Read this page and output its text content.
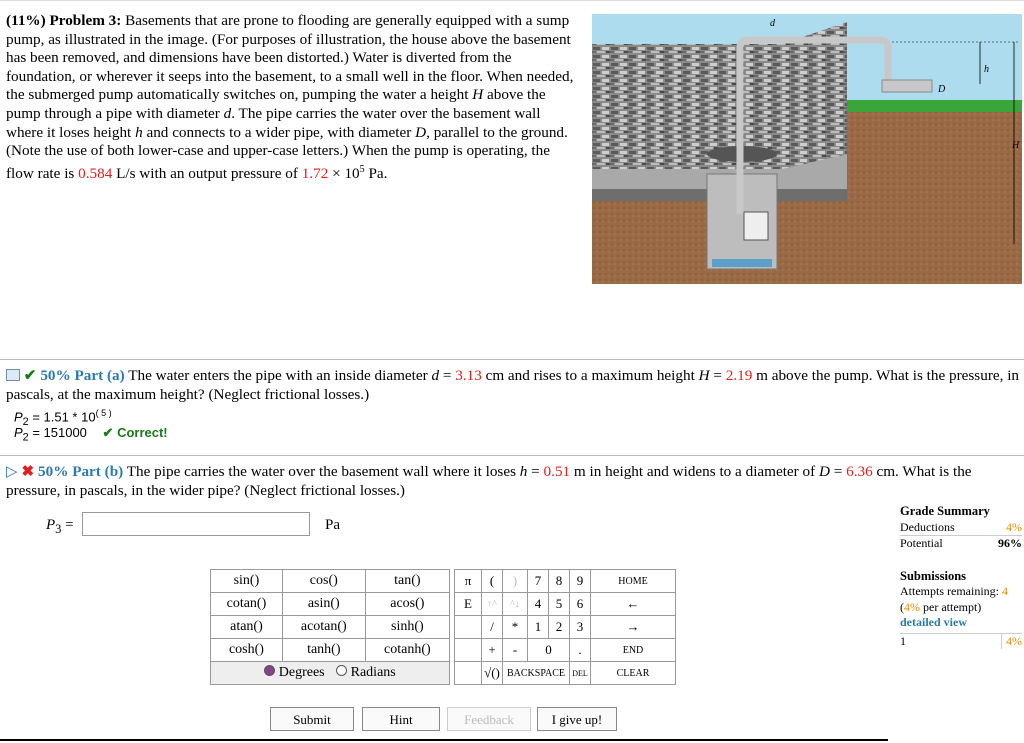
(11%) Problem 3: Basements that are prone to flooding are generally equipped with a sump pump, as illustrated in the image. (For purposes of illustration, the house above the basement has been removed, and dimensions have been distorted.) Water is diverted from the foundation, or wherever it seeps into the basement, to a small well in the floor. When needed, the submerged pump automatically switches on, pumping the water a height H above the pump through a pipe with diameter d. The pipe carries the water over the basement wall where it loses height h and connects to a wider pipe, with diameter D, parallel to the ground. (Note the use of both lower-case and upper-case letters.) When the pump is operating, the flow rate is 0.584 L/s with an output pressure of $1.72 \times 10^5$ Pa.
d
D
h
H
✔ 50% Part (a) The water enters the pipe with an inside diameter d = 3.13 cm and rises to a maximum height H = 2.19 m above the pump. What is the pressure, in pascals, at the maximum height? (Neglect frictional losses.)
$P_2 = 1.51 * 10^{( 5 )}$
$P_2 = 151000$ ✔ Correct!
▷ ✖ 50% Part (b) The pipe carries the water over the basement wall where it loses h = 0.51 m in height and widens to a diameter of D = 6.36 cm. What is the pressure, in pascals, in the wider pipe? (Neglect frictional losses.)
$P_3$ =	Pa
sin()	cos()	tan()
cotan()	asin()	acos()
atan()	acotan()	sinh()
cosh()	tanh()	cotanh()
Degrees Radians		
π	(	)	7	8	9	HOME
E	↑^	^↓	4	5	6	←
	/	*	1	2	3	→
	+	-	0		.	END
	√()	BACKSPACE			DEL	CLEAR
Submit	Hint	Feedback	I give up!
Grade Summary
Deductions	4%
Potential	96%
Submissions
Attempts remaining: 4
(4% per attempt)
detailed view
1	4%
